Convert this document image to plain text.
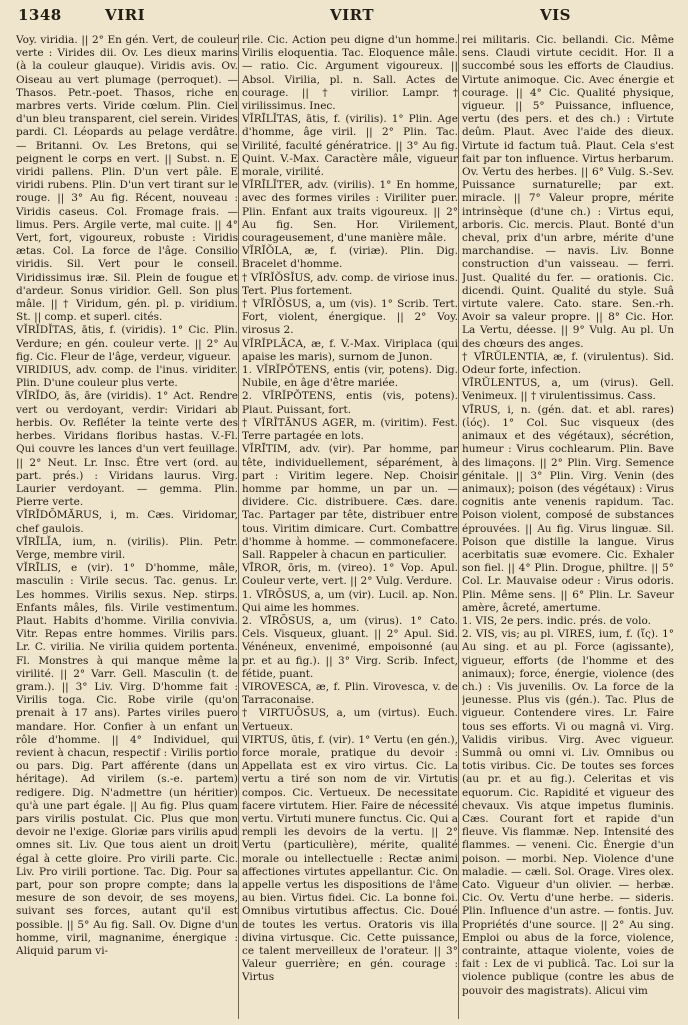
1348	VIRI	VIRT	VIS

Voy. viridia. || 2° En gén. Vert, de couleur verte : Virides dii. Ov. Les dieux marins (à la couleur glauque). Viridis avis. Ov. Oiseau au vert plumage (perroquet). — Thasos. Petr.-poet. Thasos, riche en marbres verts. Viride cœlum. Plin. Ciel d'un bleu transparent, ciel serein. Virides pardi. Cl. Léopards au pelage verdâtre. — Britanni. Ov. Les Bretons, qui se peignent le corps en vert. || Subst. n. E viridi pallens. Plin. D'un vert pâle. E viridi rubens. Plin. D'un vert tirant sur le rouge. || 3° Au fig. Récent, nouveau : Viridis caseus. Col. Fromage frais. — limus. Pers. Argile verte, mal cuite. || 4° Vert, fort, vigoureux, robuste : Viridis ætas. Col. La force de l'âge. Consilio viridis. Sil. Vert pour le conseil. Viridissimus iræ. Sil. Plein de fougue et d'ardeur. Sonus viridior. Gell. Son plus mâle. || † Viridum, gén. pl. p. viridium. St. || comp. et superl. cités.

VĬRĬDĬTAS, ātis, f. (viridis). 1° Cic. Plin. Verdure; en gén. couleur verte. || 2° Au fig. Cic. Fleur de l'âge, verdeur, vigueur.

VIRIDIUS, adv. comp. de l'inus. viriditer. Plin. D'une couleur plus verte.

VĬRĬDO, ās, āre (viridis). 1° Act. Rendre vert ou verdoyant, verdir: Viridari ab herbis. Ov. Refléter la teinte verte des herbes. Viridans floribus hastas. V.-Fl. Qui couvre les lances d'un vert feuillage. || 2° Neut. Lr. Insc. Être vert (ord. au part. prés.) : Viridans laurus. Virg. Laurier verdoyant. — gemma. Plin. Pierre verte.

VĬRĬDŌMĂRUS, i, m. Cæs. Viridomar, chef gaulois.

VĬRĪLĬA, ium, n. (virilis). Plin. Petr. Verge, membre viril.

VĬRĪLIS, e (vir). 1° D'homme, mâle, masculin : Virile secus. Tac. genus. Lr. Les hommes. Virilis sexus. Nep. stirps. Enfants mâles, fils. Virile vestimentum. Plaut. Habits d'homme. Virilia convivia. Vitr. Repas entre hommes. Virilis pars. Lr. C. virilia. Ne virilia quidem portenta. Fl. Monstres à qui manque même la virilité. || 2° Varr. Gell. Masculin (t. de gram.). || 3° Liv. Virg. D'homme fait : Virilis toga. Cic. Robe virile (qu'on prenait à 17 ans). Partes viriles puero mandare. Hor. Confier à un enfant un rôle d'homme. || 4° Individuel, qui revient à chacun, respectif : Virilis portio ou pars. Dig. Part afférente (dans un héritage). Ad virilem (s.-e. partem) redigere. Dig. N'admettre (un héritier) qu'à une part égale. || Au fig. Plus quam pars virilis postulat. Cic. Plus que mon devoir ne l'exige. Gloriæ pars virilis apud omnes sit. Liv. Que tous aient un droit égal à cette gloire. Pro virili parte. Cic. Liv. Pro virili portione. Tac. Dig. Pour sa part, pour son propre compte; dans la mesure de son devoir, de ses moyens, suivant ses forces, autant qu'il est possible. || 5° Au fig. Sall. Ov. Digne d'un homme, viril, magnanime, énergique : Aliquid parum vi-

rile. Cic. Action peu digne d'un homme. Virilis eloquentia. Tac. Eloquence mâle. — ratio. Cic. Argument vigoureux. || Absol. Virilia, pl. n. Sall. Actes de courage. || † virilior. Lampr. † virilissimus. Inec.

VĬRĪLĬTAS, ātis, f. (virilis). 1° Plin. Age d'homme, âge viril. || 2° Plin. Tac. Virilité, faculté génératrice. || 3° Au fig. Quint. V.-Max. Caractère mâle, vigueur morale, virilité.

VĬRĪLĬTER, adv. (virilis). 1° En homme, avec des formes viriles : Viriliter puer. Plin. Enfant aux traits vigoureux. || 2° Au fig. Sen. Hor. Virilement, courageusement, d'une manière mâle.

VĬRĬŎLA, æ, f. (viriæ). Plin. Dig. Bracelet d'homme.

† VĬRĬŎSĬUS, adv. comp. de viriose inus. Tert. Plus fortement.

† VĬRĬŎSUS, a, um (vis). 1° Scrib. Tert. Fort, violent, énergique. || 2° Voy. virosus 2.

VĬRĬPLĂCA, æ, f. V.-Max. Viriplaca (qui apaise les maris), surnom de Junon.

1. VĬRĬPŎTENS, entis (vir, potens). Dig. Nubile, en âge d'être mariée.

2. VĬRĬPŎTENS, entis (vis, potens). Plaut. Puissant, fort.

† VĬRĬTĀNUS AGER, m. (viritim). Fest. Terre partagée en lots.

VĬRĪTIM, adv. (vir). Par homme, par tête, individuellement, séparément, à part : Viritim legere. Nep. Choisir homme par homme, un par un. — dividere. Cic. distribuere. Cæs. dare. Tac. Partager par tête, distribuer entre tous. Viritim dimicare. Curt. Combattre d'homme à homme. — commonefacere. Sall. Rappeler à chacun en particulier.

VĪROR, ōris, m. (vireo). 1° Vop. Apul. Couleur verte, vert. || 2° Vulg. Verdure.

1. VĪRŌSUS, a, um (vir). Lucil. ap. Non. Qui aime les hommes.

2. VĪRŌSUS, a, um (virus). 1° Cato. Cels. Visqueux, gluant. || 2° Apul. Sid. Vénéneux, envenimé, empoisonné (au pr. et au fig.). || 3° Virg. Scrib. Infect, fétide, puant.

VIROVESCA, æ, f. Plin. Virovesca, v. de Tarraconaise.

† VIRTUŌSUS, a, um (virtus). Euch. Vertueux.

VIRTUS, ūtis, f. (vir). 1° Vertu (en gén.), force morale, pratique du devoir : Appellata est ex viro virtus. Cic. La vertu a tiré son nom de vir. Virtutis compos. Cic. Vertueux. De necessitate facere virtutem. Hier. Faire de nécessité vertu. Virtuti munere functus. Cic. Qui a rempli les devoirs de la vertu. || 2° Vertu (particulière), mérite, qualité morale ou intellectuelle : Rectæ animi affectiones virtutes appellantur. Cic. On appelle vertus les dispositions de l'âme au bien. Virtus fidei. Cic. La bonne foi. Omnibus virtutibus affectus. Cic. Doué de toutes les vertus. Oratoris vis illa divina virtusque. Cic. Cette puissance, ce talent merveilleux de l'orateur. || 3° Valeur guerrière; en gén. courage : Virtus

rei militaris. Cic. bellandi. Cic. Même sens. Claudi virtute cecidit. Hor. Il a succombé sous les efforts de Claudius. Virtute animoque. Cic. Avec énergie et courage. || 4° Cic. Qualité physique, vigueur. || 5° Puissance, influence, vertu (des pers. et des ch.) : Virtute deûm. Plaut. Avec l'aide des dieux. Virtute id factum tuâ. Plaut. Cela s'est fait par ton influence. Virtus herbarum. Ov. Vertu des herbes. || 6° Vulg. S.-Sev. Puissance surnaturelle; par ext. miracle. || 7° Valeur propre, mérite intrinsèque (d'une ch.) : Virtus equi, arboris. Cic. mercis. Plaut. Bonté d'un cheval, prix d'un arbre, mérite d'une marchandise. — navis. Liv. Bonne construction d'un vaisseau. — ferri. Just. Qualité du fer. — orationis. Cic. dicendi. Quint. Qualité du style. Suâ virtute valere. Cato. stare. Sen.-rh. Avoir sa valeur propre. || 8° Cic. Hor. La Vertu, déesse. || 9° Vulg. Au pl. Un des chœurs des anges.

† VĪRŬLENTIA, æ, f. (virulentus). Sid. Odeur forte, infection.

VĪRŬLENTUS, a, um (virus). Gell. Venimeux. || † virulentissimus. Cass.

VĪRUS, i, n. (gén. dat. et abl. rares) (ἰός). 1° Col. Suc visqueux (des animaux et des végétaux), sécrétion, humeur : Virus cochlearum. Plin. Bave des limaçons. || 2° Plin. Virg. Semence génitale. || 3° Plin. Virg. Venin (des animaux); poison (des végétaux) : Virus cognitis ante venenis rapidum. Tac. Poison violent, composé de substances éprouvées. || Au fig. Virus linguæ. Sil. Poison que distille la langue. Virus acerbitatis suæ evomere. Cic. Exhaler son fiel. || 4° Plin. Drogue, philtre. || 5° Col. Lr. Mauvaise odeur : Virus odoris. Plin. Même sens. || 6° Plin. Lr. Saveur amère, âcreté, amertume.

1. VIS, 2e pers. indic. prés. de volo.

2. VIS, vis; au pl. VIRES, ium, f. (ἴς). 1° Au sing. et au pl. Force (agissante), vigueur, efforts (de l'homme et des animaux); force, énergie, violence (des ch.) : Vis juvenilis. Ov. La force de la jeunesse. Plus vis (gén.). Tac. Plus de vigueur. Contendere vires. Lr. Faire tous ses efforts. Vi ou magnâ vi. Virg. Validis viribus. Virg. Avec vigueur. Summâ ou omni vi. Liv. Omnibus ou totis viribus. Cic. De toutes ses forces (au pr. et au fig.). Celeritas et vis equorum. Cic. Rapidité et vigueur des chevaux. Vis atque impetus fluminis. Cæs. Courant fort et rapide d'un fleuve. Vis flammæ. Nep. Intensité des flammes. — veneni. Cic. Énergie d'un poison. — morbi. Nep. Violence d'une maladie. — cæli. Sol. Orage. Vires olex. Cato. Vigueur d'un olivier. — herbæ. Cic. Ov. Vertu d'une herbe. — sideris. Plin. Influence d'un astre. — fontis. Juv. Propriétés d'une source. || 2° Au sing. Emploi ou abus de la force, violence, contrainte, attaque violente, voies de fait : Lex de vi publicâ. Tac. Loi sur la violence publique (contre les abus de pouvoir des magistrats). Alicui vim
